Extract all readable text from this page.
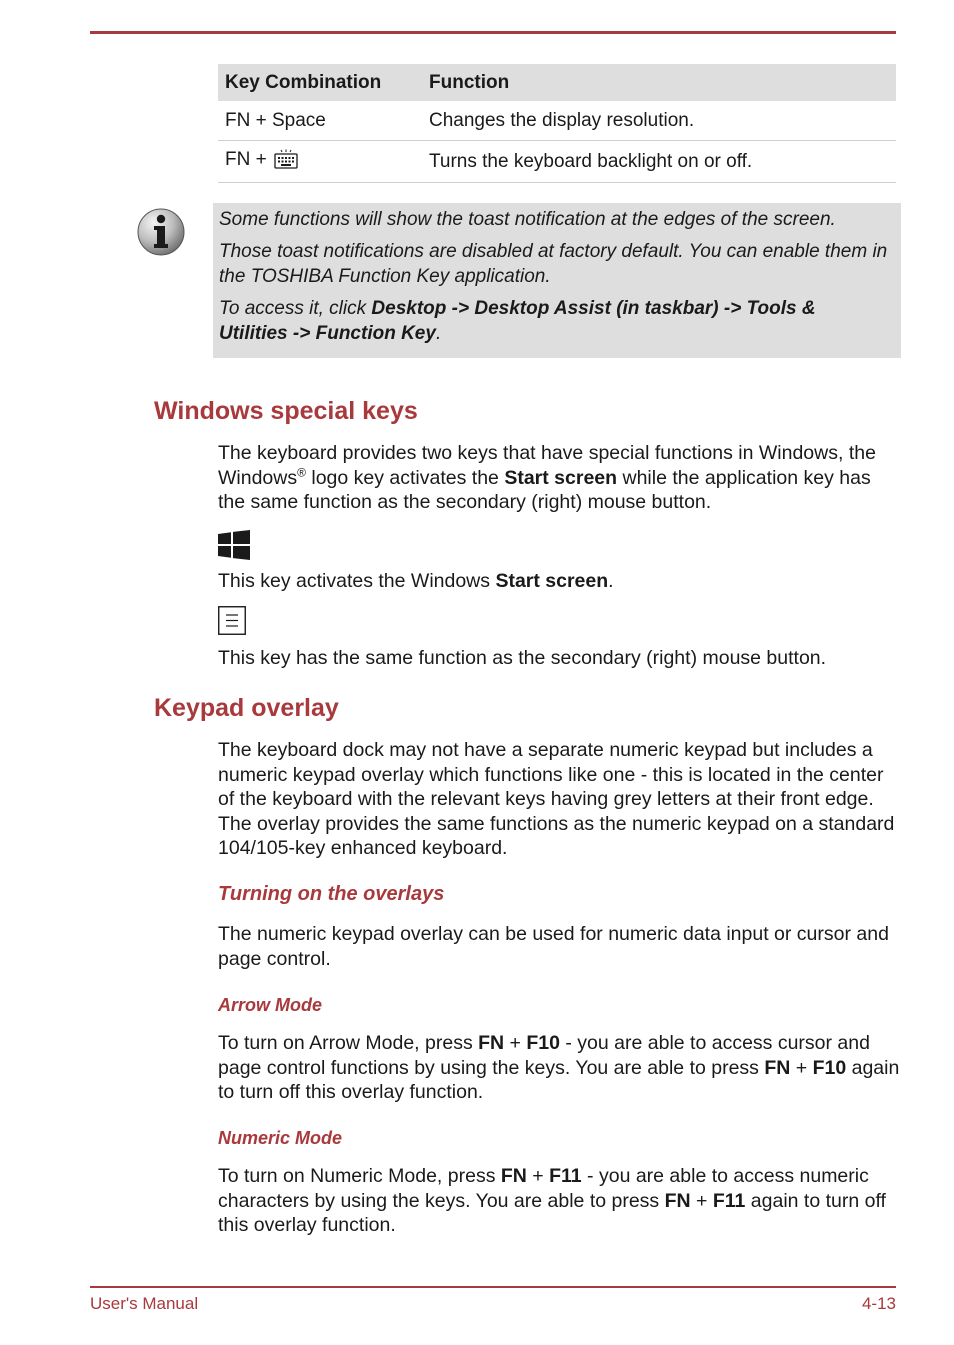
Key Combination	Function
FN + Space	Changes the display resolution.
FN +	Turns the keyboard backlight on or off.

Some functions will show the toast notification at the edges of the screen.

Those toast notifications are disabled at factory default. You can enable them in the TOSHIBA Function Key application.

To access it, click Desktop -> Desktop Assist (in taskbar) -> Tools & Utilities -> Function Key.

Windows special keys

The keyboard provides two keys that have special functions in Windows, the Windows® logo key activates the Start screen while the application key has the same function as the secondary (right) mouse button.

This key activates the Windows Start screen.

This key has the same function as the secondary (right) mouse button.

Keypad overlay

The keyboard dock may not have a separate numeric keypad but includes a numeric keypad overlay which functions like one - this is located in the center of the keyboard with the relevant keys having grey letters at their front edge. The overlay provides the same functions as the numeric keypad on a standard 104/105-key enhanced keyboard.

Turning on the overlays

The numeric keypad overlay can be used for numeric data input or cursor and page control.

Arrow Mode

To turn on Arrow Mode, press FN + F10 - you are able to access cursor and page control functions by using the keys. You are able to press FN + F10 again to turn off this overlay function.

Numeric Mode

To turn on Numeric Mode, press FN + F11 - you are able to access numeric characters by using the keys. You are able to press FN + F11 again to turn off this overlay function.

User's Manual	4-13
